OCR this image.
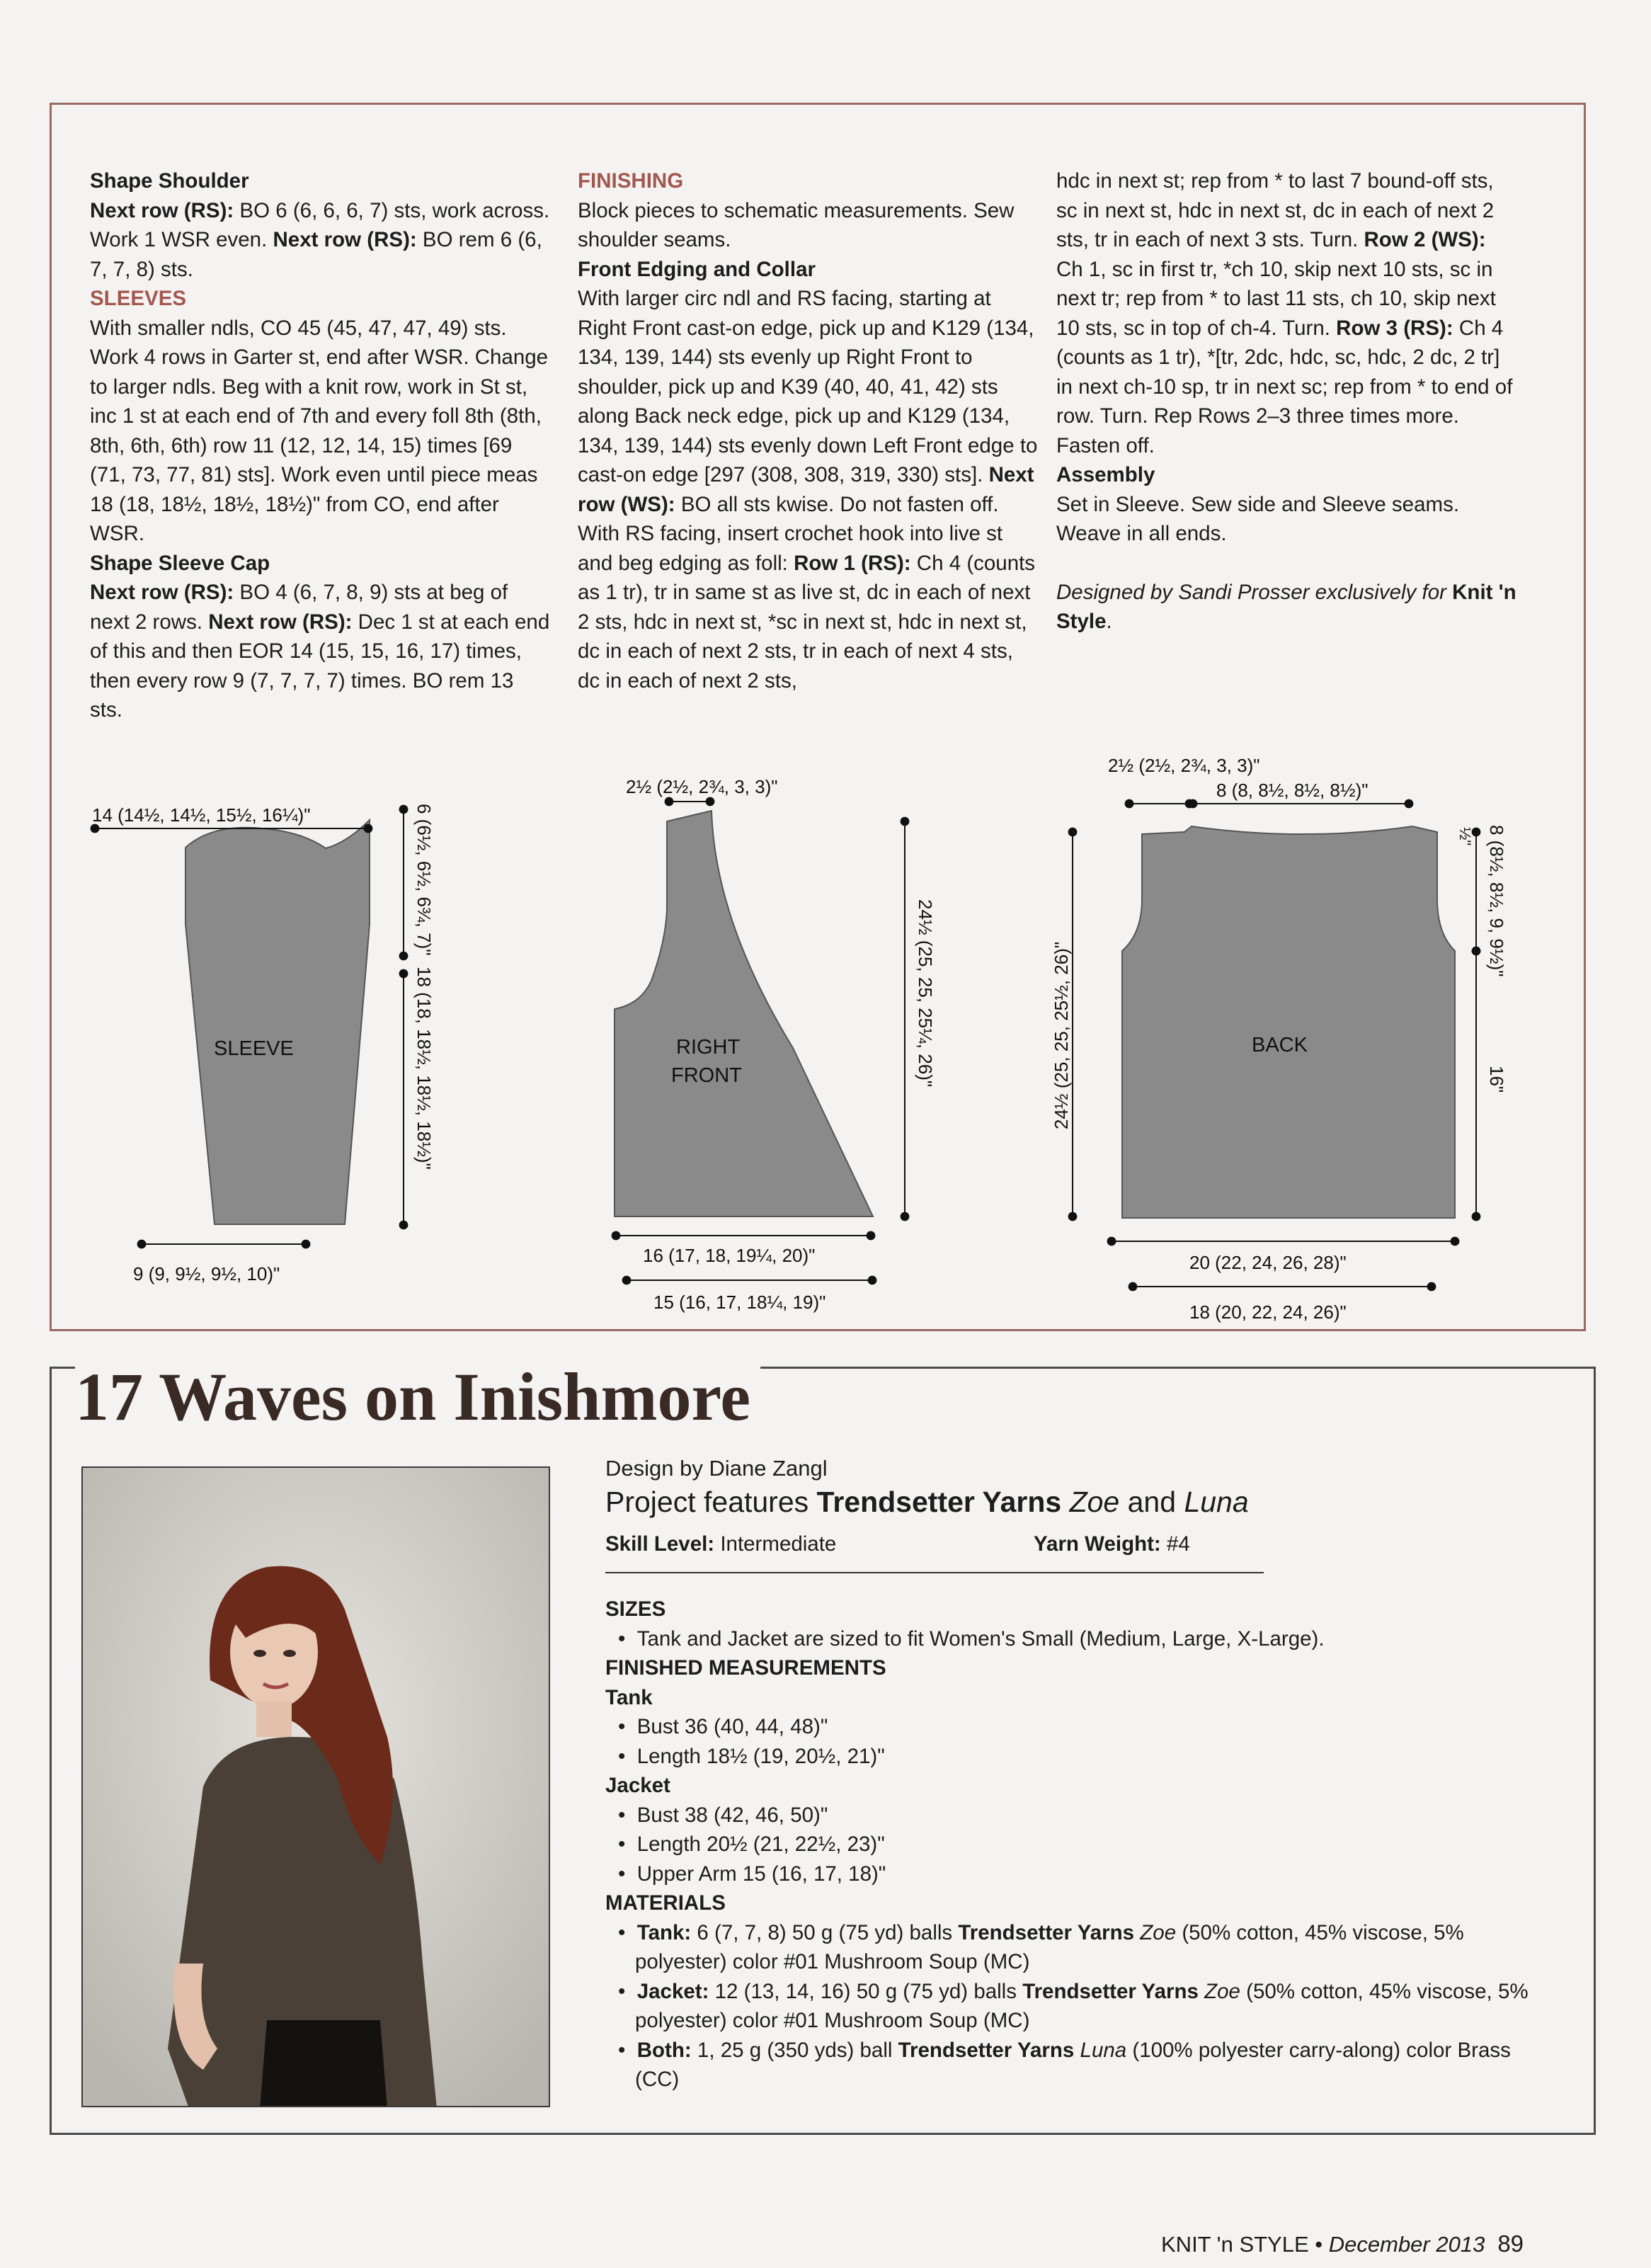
Shape Shoulder

Next row (RS): BO 6 (6, 6, 6, 7) sts, work across. Work 1 WSR even. Next row (RS): BO rem 6 (6, 7, 7, 8) sts.

SLEEVES

With smaller ndls, CO 45 (45, 47, 47, 49) sts. Work 4 rows in Garter st, end after WSR. Change to larger ndls. Beg with a knit row, work in St st, inc 1 st at each end of 7th and every foll 8th (8th, 8th, 6th, 6th) row 11 (12, 12, 14, 15) times [69 (71, 73, 77, 81) sts]. Work even until piece meas 18 (18, 18½, 18½, 18½)" from CO, end after WSR.

Shape Sleeve Cap

Next row (RS): BO 4 (6, 7, 8, 9) sts at beg of next 2 rows. Next row (RS): Dec 1 st at each end of this and then EOR 14 (15, 15, 16, 17) times, then every row 9 (7, 7, 7, 7) times. BO rem 13 sts.

FINISHING

Block pieces to schematic measurements. Sew shoulder seams.

Front Edging and Collar

With larger circ ndl and RS facing, starting at Right Front cast-on edge, pick up and K129 (134, 134, 139, 144) sts evenly up Right Front to shoulder, pick up and K39 (40, 40, 41, 42) sts along Back neck edge, pick up and K129 (134, 134, 139, 144) sts evenly down Left Front edge to cast-on edge [297 (308, 308, 319, 330) sts]. Next row (WS): BO all sts kwise. Do not fasten off. With RS facing, insert crochet hook into live st and beg edging as foll: Row 1 (RS): Ch 4 (counts as 1 tr), tr in same st as live st, dc in each of next 2 sts, hdc in next st, *sc in next st, hdc in next st, dc in each of next 2 sts, tr in each of next 4 sts, dc in each of next 2 sts,

hdc in next st; rep from * to last 7 bound-off sts, sc in next st, hdc in next st, dc in each of next 2 sts, tr in each of next 3 sts. Turn. Row 2 (WS): Ch 1, sc in first tr, *ch 10, skip next 10 sts, sc in next tr; rep from * to last 11 sts, ch 10, skip next 10 sts, sc in top of ch-4. Turn. Row 3 (RS): Ch 4 (counts as 1 tr), *[tr, 2dc, hdc, sc, hdc, 2 dc, 2 tr] in next ch-10 sp, tr in next sc; rep from * to end of row. Turn. Rep Rows 2–3 three times more. Fasten off.

Assembly

Set in Sleeve. Sew side and Sleeve seams. Weave in all ends.

Designed by Sandi Prosser exclusively for Knit 'n Style.

SLEEVE
14 (14½, 14½, 15½, 16¼)"	6 (6½, 6½, 6¾, 7)"
18 (18, 18½, 18½, 18½)"
9 (9, 9½, 9½, 10)"
RIGHT
FRONT
2½ (2½, 2¾, 3, 3)"
24½ (25, 25, 25¼, 26)"
16 (17, 18, 19¼, 20)"
15 (16, 17, 18¼, 19)"
BACK
2½ (2½, 2¾, 3, 3)"
8 (8, 8½, 8½, 8½)"
24½ (25, 25, 25½, 26)"
½" 8 (8½, 8½, 9, 9½)"
16"
20 (22, 24, 26, 28)"
18 (20, 22, 24, 26)"
17 Waves on Inishmore

Design by Diane Zangl

Project features Trendsetter Yarns Zoe and Luna

Skill Level: Intermediate	Yarn Weight: #4

SIZES

•  Tank and Jacket are sized to fit Women's Small (Medium, Large, X-Large).

FINISHED MEASUREMENTS

Tank

•  Bust 36 (40, 44, 48)"

•  Length 18½ (19, 20½, 21)"

Jacket

•  Bust 38 (42, 46, 50)"

•  Length 20½ (21, 22½, 23)"

•  Upper Arm 15 (16, 17, 18)"

MATERIALS

•  Tank: 6 (7, 7, 8) 50 g (75 yd) balls Trendsetter Yarns Zoe (50% cotton, 45% viscose, 5% polyester) color #01 Mushroom Soup (MC)

•  Jacket: 12 (13, 14, 16) 50 g (75 yd) balls Trendsetter Yarns Zoe (50% cotton, 45% viscose, 5% polyester) color #01 Mushroom Soup (MC)

•  Both: 1, 25 g (350 yds) ball Trendsetter Yarns Luna (100% polyester carry-along) color Brass (CC)

KNIT 'n STYLE • December 2013 89
